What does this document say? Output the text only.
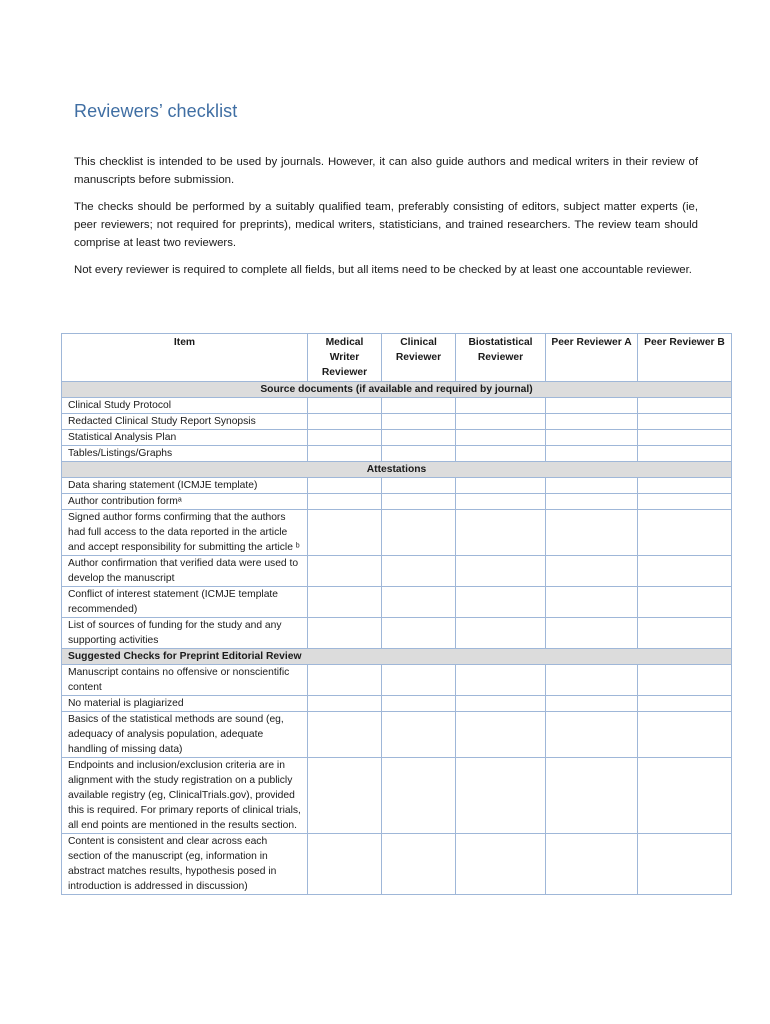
Reviewers’ checklist

This checklist is intended to be used by journals. However, it can also guide authors and medical writers in their review of manuscripts before submission.

The checks should be performed by a suitably qualified team, preferably consisting of editors, subject matter experts (ie, peer reviewers; not required for preprints), medical writers, statisticians, and trained researchers. The review team should comprise at least two reviewers.

Not every reviewer is required to complete all fields, but all items need to be checked by at least one accountable reviewer.

Item	Medical Writer Reviewer	Clinical Reviewer	Biostatistical Reviewer	Peer Reviewer A	Peer Reviewer B
Source documents (if available and required by journal)					
Clinical Study Protocol					
Redacted Clinical Study Report Synopsis					
Statistical Analysis Plan					
Tables/Listings/Graphs					
Attestations					
Data sharing statement (ICMJE template)					
Author contribution formᵃ					
Signed author forms confirming that the authors had full access to the data reported in the article and accept responsibility for submitting the article ᵇ					
Author confirmation that verified data were used to develop the manuscript					
Conflict of interest statement (ICMJE template recommended)					
List of sources of funding for the study and any supporting activities					
Suggested Checks for Preprint Editorial Review					
Manuscript contains no offensive or nonscientific content					
No material is plagiarized					
Basics of the statistical methods are sound (eg, adequacy of analysis population, adequate handling of missing data)					
Endpoints and inclusion/exclusion criteria are in alignment with the study registration on a publicly available registry (eg, ClinicalTrials.gov), provided this is required. For primary reports of clinical trials, all end points are mentioned in the results section.					
Content is consistent and clear across each section of the manuscript (eg, information in abstract matches results, hypothesis posed in introduction is addressed in discussion)					
